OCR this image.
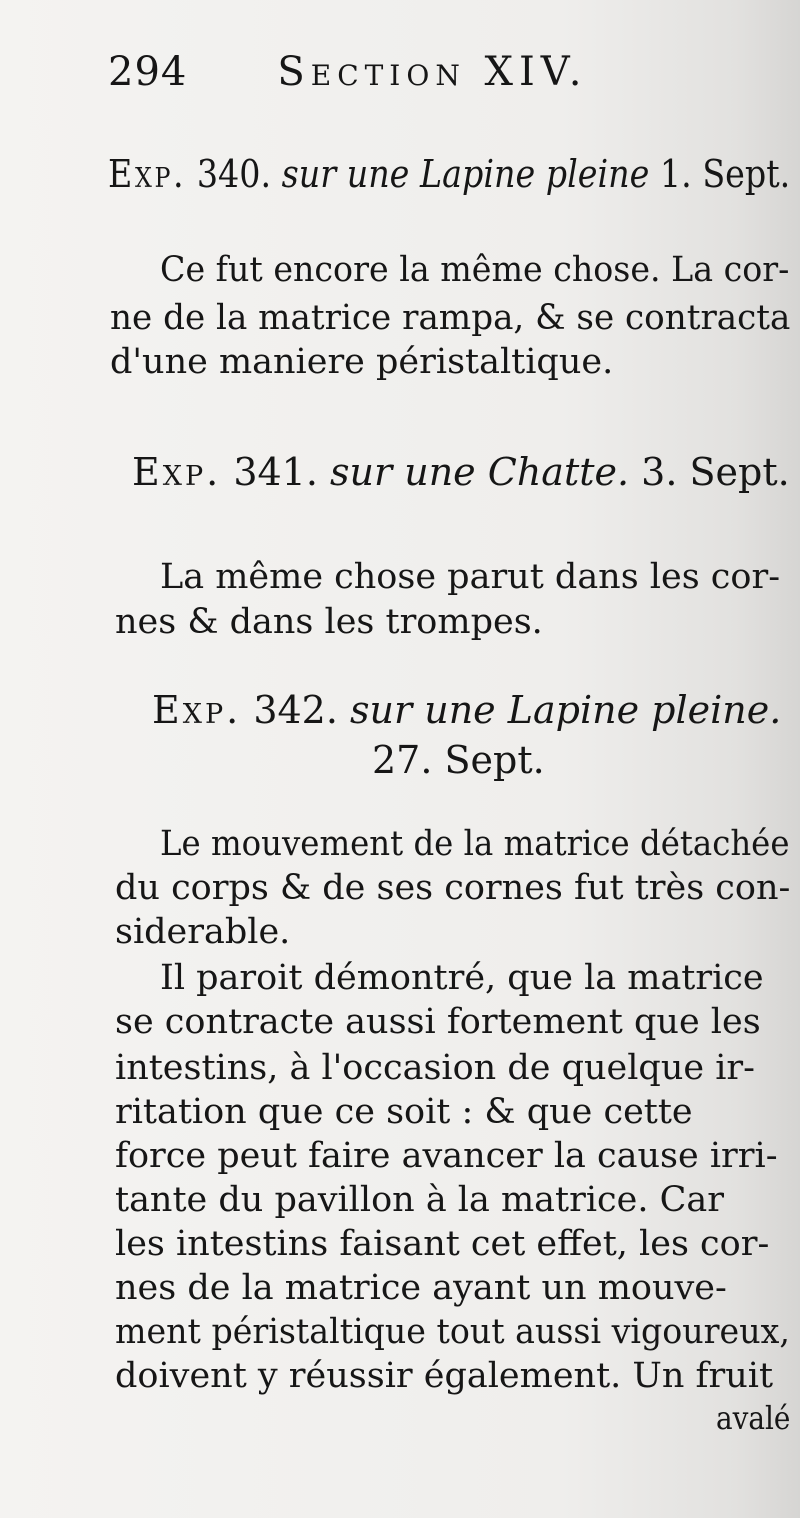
294 Section XIV.
Exp. 340. sur une Lapine pleine 1. Sept.
Ce fut encore la même chose. La cor-
ne de la matrice rampa, & se contracta
d'une maniere péristaltique.
Exp. 341. sur une Chatte. 3. Sept.
La même chose parut dans les cor-
nes & dans les trompes.
Exp. 342. sur une Lapine pleine.
27. Sept.
Le mouvement de la matrice détachée
du corps & de ses cornes fut très con-
siderable.
Il paroit démontré, que la matrice
se contracte aussi fortement que les
intestins, à l'occasion de quelque ir-
ritation que ce soit : & que cette
force peut faire avancer la cause irri-
tante du pavillon à la matrice. Car
les intestins faisant cet effet, les cor-
nes de la matrice ayant un mouve-
ment péristaltique tout aussi vigoureux,
doivent y réussir également. Un fruit
avalé
